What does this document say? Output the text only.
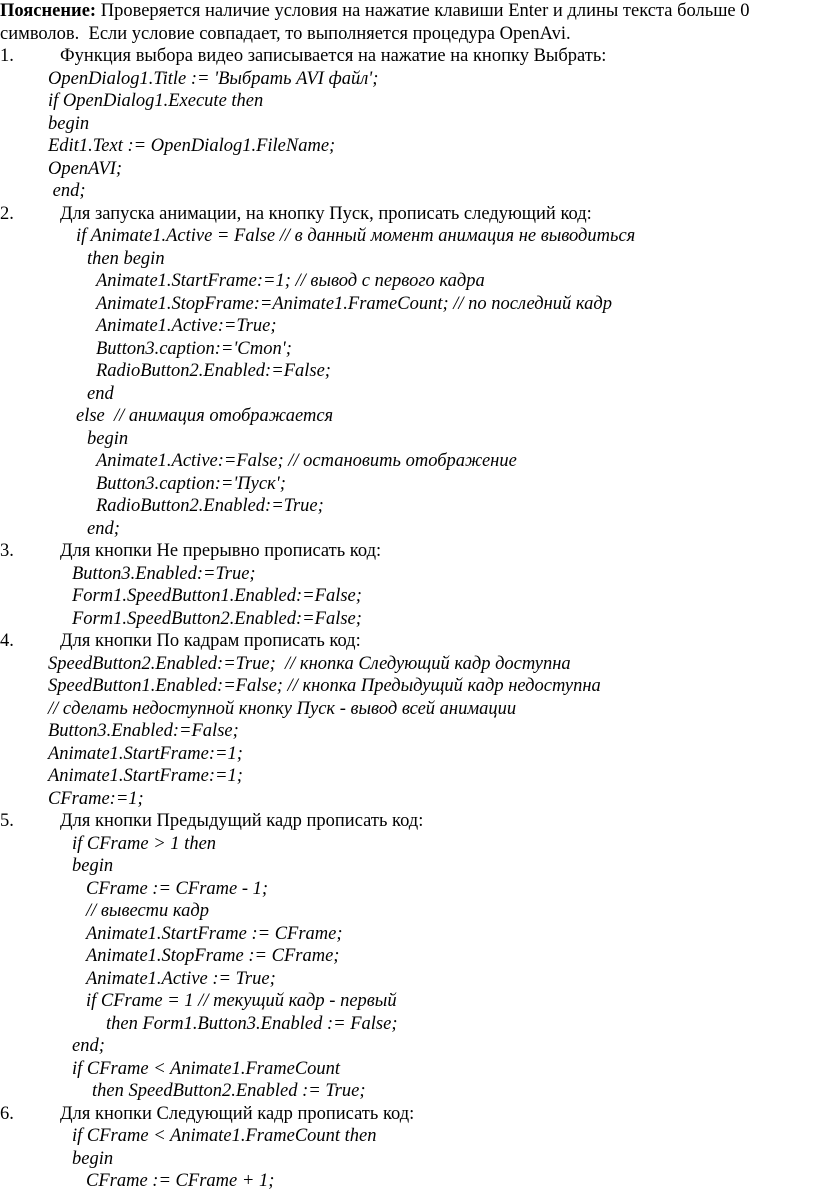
Пояснение: Проверяется наличие условия на нажатие клавиши Enter и длины текста больше 0
символов.  Если условие совпадает, то выполняется процедура OpenAvi.
1. Функция выбора видео записывается на нажатие на кнопку Выбрать:
OpenDialog1.Title := 'Выбрать AVI файл';
if OpenDialog1.Execute then
begin
Edit1.Text := OpenDialog1.FileName;
OpenAVI;
end;
2. Для запуска анимации, на кнопку Пуск, прописать следующий код:
if Animate1.Active = False // в данный момент анимация не выводиться
then begin
Animate1.StartFrame:=1; // вывод с первого кадра
Animate1.StopFrame:=Animate1.FrameCount; // по последний кадр
Animate1.Active:=True;
Button3.caption:='Стоп';
RadioButton2.Enabled:=False;
end
else  // анимация отображается
begin
Animate1.Active:=False; // остановить отображение
Button3.caption:='Пуск';
RadioButton2.Enabled:=True;
end;
3. Для кнопки Не прерывно прописать код:
Button3.Enabled:=True;
Form1.SpeedButton1.Enabled:=False;
Form1.SpeedButton2.Enabled:=False;
4. Для кнопки По кадрам прописать код:
SpeedButton2.Enabled:=True;  // кнопка Следующий кадр доступна
SpeedButton1.Enabled:=False; // кнопка Предыдущий кадр недоступна
// сделать недоступной кнопку Пуск - вывод всей анимации
Button3.Enabled:=False;
Animate1.StartFrame:=1;
Animate1.StartFrame:=1;
CFrame:=1;
5. Для кнопки Предыдущий кадр прописать код:
if CFrame > 1 then
begin
CFrame := CFrame - 1;
// вывести кадр
Animate1.StartFrame := CFrame;
Animate1.StopFrame := CFrame;
Animate1.Active := True;
if CFrame = 1 // текущий кадр - первый
then Form1.Button3.Enabled := False;
end;
if CFrame < Animate1.FrameCount
then SpeedButton2.Enabled := True;
6. Для кнопки Следующий кадр прописать код:
if CFrame < Animate1.FrameCount then
begin
CFrame := CFrame + 1;
